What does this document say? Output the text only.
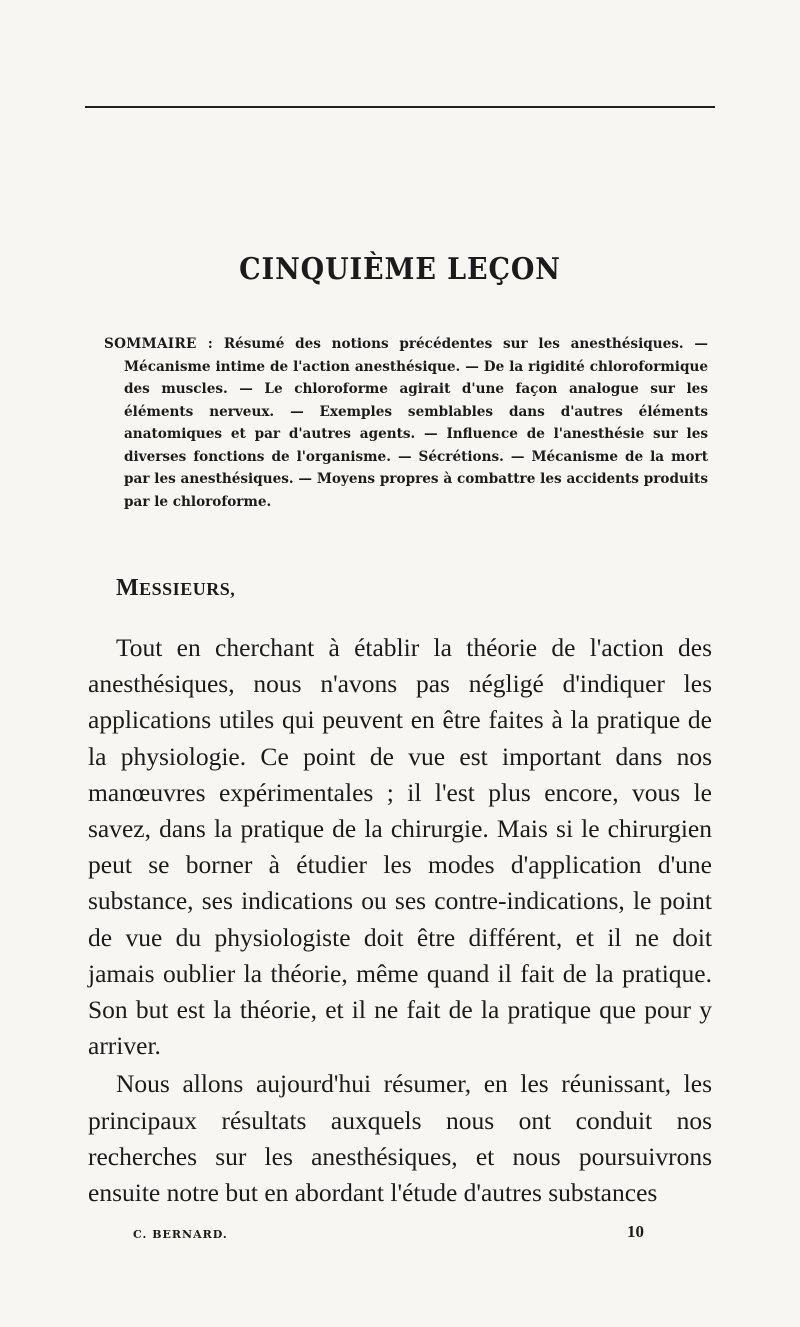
CINQUIÈME LEÇON
SOMMAIRE : Résumé des notions précédentes sur les anesthésiques. — Mécanisme intime de l'action anesthésique. — De la rigidité chloroformique des muscles. — Le chloroforme agirait d'une façon analogue sur les éléments nerveux. — Exemples semblables dans d'autres éléments anatomiques et par d'autres agents. — Influence de l'anesthésie sur les diverses fonctions de l'organisme. — Sécrétions. — Mécanisme de la mort par les anesthésiques. — Moyens propres à combattre les accidents produits par le chloroforme.
MESSIEURS,

Tout en cherchant à établir la théorie de l'action des anesthésiques, nous n'avons pas négligé d'indiquer les applications utiles qui peuvent en être faites à la pratique de la physiologie. Ce point de vue est important dans nos manœuvres expérimentales ; il l'est plus encore, vous le savez, dans la pratique de la chirurgie. Mais si le chirurgien peut se borner à étudier les modes d'application d'une substance, ses indications ou ses contre-indications, le point de vue du physiologiste doit être différent, et il ne doit jamais oublier la théorie, même quand il fait de la pratique. Son but est la théorie, et il ne fait de la pratique que pour y arriver.

Nous allons aujourd'hui résumer, en les réunissant, les principaux résultats auxquels nous ont conduit nos recherches sur les anesthésiques, et nous poursuivrons ensuite notre but en abordant l'étude d'autres substances

C. BERNARD.	10
